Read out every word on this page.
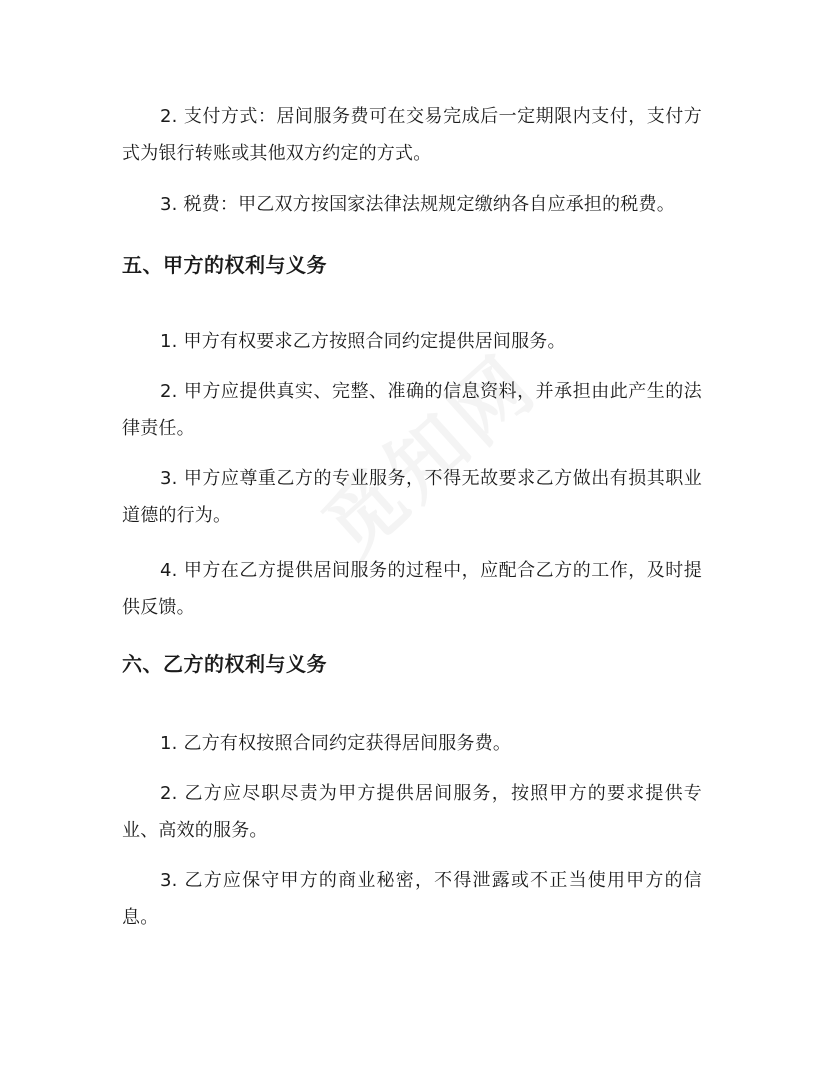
2. 支付方式：居间服务费可在交易完成后一定期限内支付，支付方式为银行转账或其他双方约定的方式。

3. 税费：甲乙双方按国家法律法规规定缴纳各自应承担的税费。

五、甲方的权利与义务

1. 甲方有权要求乙方按照合同约定提供居间服务。

2. 甲方应提供真实、完整、准确的信息资料，并承担由此产生的法律责任。

3. 甲方应尊重乙方的专业服务，不得无故要求乙方做出有损其职业道德的行为。

4. 甲方在乙方提供居间服务的过程中，应配合乙方的工作，及时提供反馈。

六、乙方的权利与义务

1. 乙方有权按照合同约定获得居间服务费。

2. 乙方应尽职尽责为甲方提供居间服务，按照甲方的要求提供专业、高效的服务。

3. 乙方应保守甲方的商业秘密，不得泄露或不正当使用甲方的信息。
